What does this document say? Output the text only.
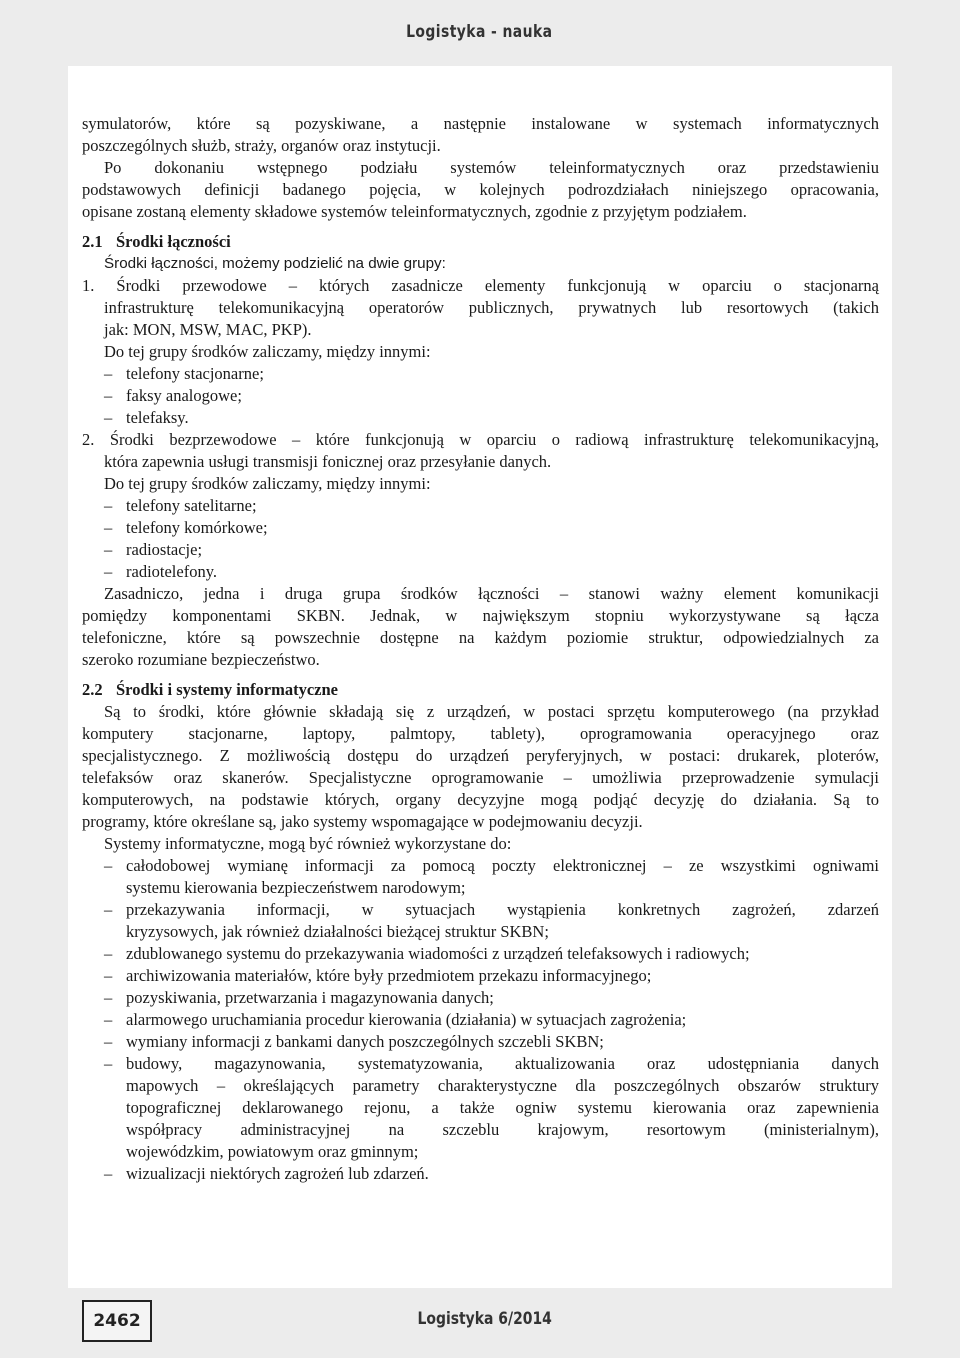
Logistyka - nauka

symulatorów, które są pozyskiwane, a następnie instalowane w systemach informatycznych

poszczególnych służb, straży, organów oraz instytucji.

Po dokonaniu wstępnego podziału systemów teleinformatycznych oraz przedstawieniu

podstawowych definicji badanego pojęcia, w kolejnych podrozdziałach niniejszego opracowania,

opisane zostaną elementy składowe systemów teleinformatycznych, zgodnie z przyjętym podziałem.

2.1 Środki łączności

Środki łączności, możemy podzielić na dwie grupy:

1. Środki przewodowe – których zasadnicze elementy funkcjonują w oparciu o stacjonarną

infrastrukturę telekomunikacyjną operatorów publicznych, prywatnych lub resortowych (takich

jak: MON, MSW, MAC, PKP).

Do tej grupy środków zaliczamy, między innymi:

– telefony stacjonarne;
– faksy analogowe;
– telefaksy.

2. Środki bezprzewodowe – które funkcjonują w oparciu o radiową infrastrukturę telekomunikacyjną,

która zapewnia usługi transmisji fonicznej oraz przesyłanie danych.

Do tej grupy środków zaliczamy, między innymi:

– telefony satelitarne;
– telefony komórkowe;
– radiostacje;
– radiotelefony.

Zasadniczo, jedna i druga grupa środków łączności – stanowi ważny element komunikacji

pomiędzy komponentami SKBN. Jednak, w największym stopniu wykorzystywane są łącza

telefoniczne, które są powszechnie dostępne na każdym poziomie struktur, odpowiedzialnych za

szeroko rozumiane bezpieczeństwo.

2.2 Środki i systemy informatyczne

Są to środki, które głównie składają się z urządzeń, w postaci sprzętu komputerowego (na przykład

komputery stacjonarne, laptopy, palmtopy, tablety), oprogramowania operacyjnego oraz

specjalistycznego. Z możliwością dostępu do urządzeń peryferyjnych, w postaci: drukarek, ploterów,

telefaksów oraz skanerów. Specjalistyczne oprogramowanie – umożliwia przeprowadzenie symulacji

komputerowych, na podstawie których, organy decyzyjne mogą podjąć decyzję do działania. Są to

programy, które określane są, jako systemy wspomagające w podejmowaniu decyzji.

Systemy informatyczne, mogą być również wykorzystane do:

– całodobowej wymianę informacji za pomocą poczty elektronicznej – ze wszystkimi ogniwami

systemu kierowania bezpieczeństwem narodowym;

– przekazywania informacji, w sytuacjach wystąpienia konkretnych zagrożeń, zdarzeń

kryzysowych, jak również działalności bieżącej struktur SKBN;

– zdublowanego systemu do przekazywania wiadomości z urządzeń telefaksowych i radiowych;

– archiwizowania materiałów, które były przedmiotem przekazu informacyjnego;

– pozyskiwania, przetwarzania i magazynowania danych;

– alarmowego uruchamiania procedur kierowania (działania) w sytuacjach zagrożenia;

– wymiany informacji z bankami danych poszczególnych szczebli SKBN;

– budowy, magazynowania, systematyzowania, aktualizowania oraz udostępniania danych

mapowych – określających parametry charakterystyczne dla poszczególnych obszarów struktury

topograficznej deklarowanego rejonu, a także ogniw systemu kierowania oraz zapewnienia

współpracy administracyjnej na szczeblu krajowym, resortowym (ministerialnym),

wojewódzkim, powiatowym oraz gminnym;

– wizualizacji niektórych zagrożeń lub zdarzeń.

2462	Logistyka 6/2014
